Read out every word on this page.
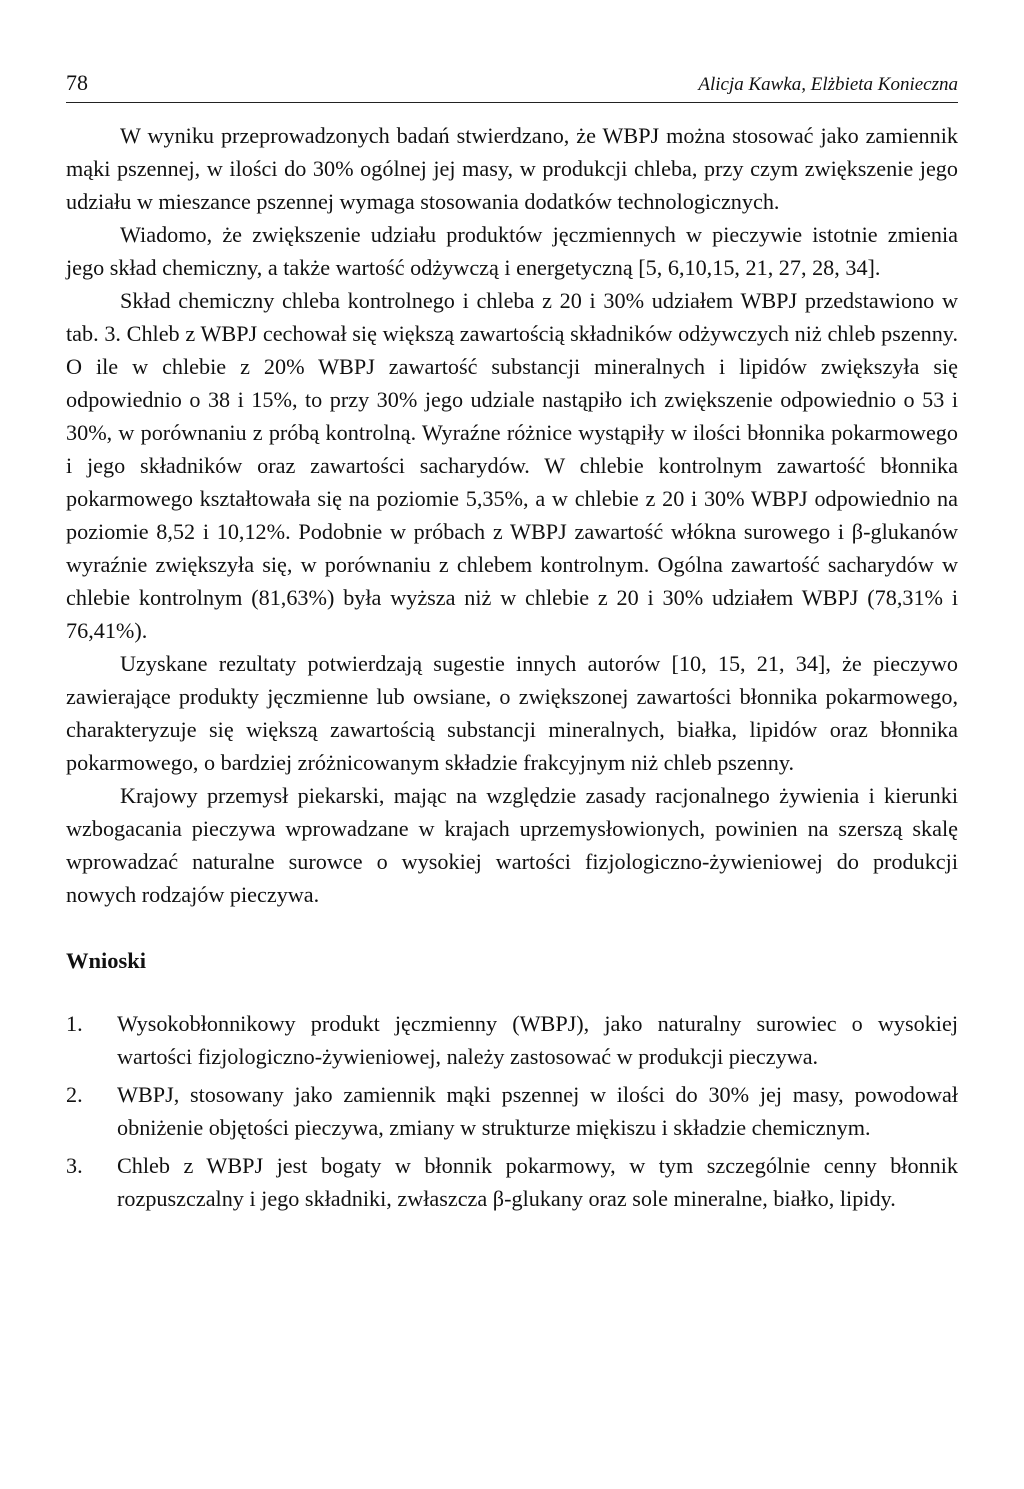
78	Alicja Kawka, Elżbieta Konieczna

W wyniku przeprowadzonych badań stwierdzano, że WBPJ można stosować jako zamiennik mąki pszennej, w ilości do 30% ogólnej jej masy, w produkcji chleba, przy czym zwiększenie jego udziału w mieszance pszennej wymaga stosowania dodatków technologicznych.

Wiadomo, że zwiększenie udziału produktów jęczmiennych w pieczywie istotnie zmienia jego skład chemiczny, a także wartość odżywczą i energetyczną [5, 6,10,15, 21, 27, 28, 34].

Skład chemiczny chleba kontrolnego i chleba z 20 i 30% udziałem WBPJ przedstawiono w tab. 3. Chleb z WBPJ cechował się większą zawartością składników odżywczych niż chleb pszenny. O ile w chlebie z 20% WBPJ zawartość substancji mineralnych i lipidów zwiększyła się odpowiednio o 38 i 15%, to przy 30% jego udziale nastąpiło ich zwiększenie odpowiednio o 53 i 30%, w porównaniu z próbą kontrolną. Wyraźne różnice wystąpiły w ilości błonnika pokarmowego i jego składników oraz zawartości sacharydów. W chlebie kontrolnym zawartość błonnika pokarmowego kształtowała się na poziomie 5,35%, a w chlebie z 20 i 30% WBPJ odpowiednio na poziomie 8,52 i 10,12%. Podobnie w próbach z WBPJ zawartość włókna surowego i β-glukanów wyraźnie zwiększyła się, w porównaniu z chlebem kontrolnym. Ogólna zawartość sacharydów w chlebie kontrolnym (81,63%) była wyższa niż w chlebie z 20 i 30% udziałem WBPJ (78,31% i 76,41%).

Uzyskane rezultaty potwierdzają sugestie innych autorów [10, 15, 21, 34], że pieczywo zawierające produkty jęczmienne lub owsiane, o zwiększonej zawartości błonnika pokarmowego, charakteryzuje się większą zawartością substancji mineralnych, białka, lipidów oraz błonnika pokarmowego, o bardziej zróżnicowanym składzie frakcyjnym niż chleb pszenny.

Krajowy przemysł piekarski, mając na względzie zasady racjonalnego żywienia i kierunki wzbogacania pieczywa wprowadzane w krajach uprzemysłowionych, powinien na szerszą skalę wprowadzać naturalne surowce o wysokiej wartości fizjologiczno-żywieniowej do produkcji nowych rodzajów pieczywa.

Wnioski
1.	Wysokobłonnikowy produkt jęczmienny (WBPJ), jako naturalny surowiec o wysokiej wartości fizjologiczno-żywieniowej, należy zastosować w produkcji pieczywa.
2.	WBPJ, stosowany jako zamiennik mąki pszennej w ilości do 30% jej masy, powodował obniżenie objętości pieczywa, zmiany w strukturze miękiszu i składzie chemicznym.
3.	Chleb z WBPJ jest bogaty w błonnik pokarmowy, w tym szczególnie cenny błonnik rozpuszczalny i jego składniki, zwłaszcza β-glukany oraz sole mineralne, białko, lipidy.
